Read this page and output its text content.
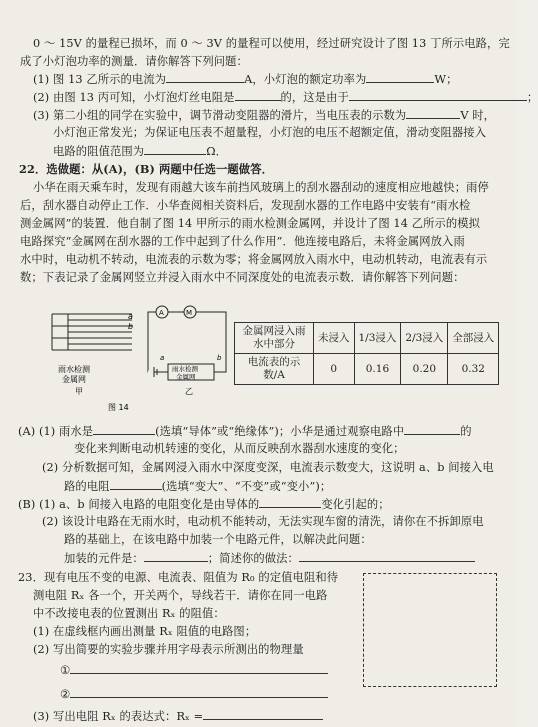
0 ～ 15V 的量程已损坏，而 0 ～ 3V 的量程可以使用，经过研究设计了图 13 丁所示电路，完
成了小灯泡功率的测量．请你解答下列问题：
(1) 图 13 乙所示的电流为	A，小灯泡的额定功率为	W；
(2) 由图 13 丙可知，小灯泡灯丝电阻是	的，这是由于	；
(3) 第二小组的同学在实验中，调节滑动变阻器的滑片，当电压表的示数为	V 时，
小灯泡正常发光；为保证电压表不超量程，小灯泡的电压不超额定值，滑动变阻器接入
电路的阻值范围为	Ω．
22．选做题：从(A)，(B) 两题中任选一题做答．
小华在雨天乘车时，发现有雨越大该车前挡风玻璃上的刮水器刮动的速度相应地越快；雨停
后，刮水器自动停止工作．小华查阅相关资料后，发现刮水器的工作电路中安装有“雨水检
测金属网”的装置．他自制了图 14 甲所示的雨水检测金属网，并设计了图 14 乙所示的模拟
电路探究“金属网在刮水器的工作中起到了什么作用”．他连接电路后，未将金属网放入雨
水中时，电动机不转动，电流表的示数为零；将金属网放入雨水中，电动机转动，电流表有示
数；下表记录了金属网竖立并浸入雨水中不同深度处的电流表示数．请你解答下列问题：
a
b
雨水检测
金属网
甲
A	M
雨水检测
金属网
a	b
乙
图 14
金属网浸入雨水中部分	未浸入	1/3浸入	2/3浸入	全部浸入
电流表的示数/A	0	0.16	0.20	0.32
(A) (1) 雨水是	(选填“导体”或“绝缘体”)；小华是通过观察电路中	的
变化来判断电动机转速的变化，从而反映刮水器刮水速度的变化；
(2) 分析数据可知，金属网浸入雨水中深度变深，电流表示数变大，这说明 a、b 间接入电
路的电阻	(选填“变大”、“不变”或“变小”)；
(B) (1) a、b 间接入电路的电阻变化是由导体的	变化引起的；
(2) 该设计电路在无雨水时，电动机不能转动，无法实现车窗的清洗，请你在不拆卸原电
路的基础上，在该电路中加装一个电路元件，以解决此问题：
加装的元件是：	；简述你的做法：
23．现有电压不变的电源、电流表、阻值为 R₀ 的定值电阻和待
测电阻 Rₓ 各一个，开关两个，导线若干．请你在同一电路
中不改接电表的位置测出 Rₓ 的阻值：
(1) 在虚线框内画出测量 Rₓ 阻值的电路图；
(2) 写出简要的实验步骤并用字母表示所测出的物理量
①
②
(3) 写出电阻 Rₓ 的表达式：Rₓ =
